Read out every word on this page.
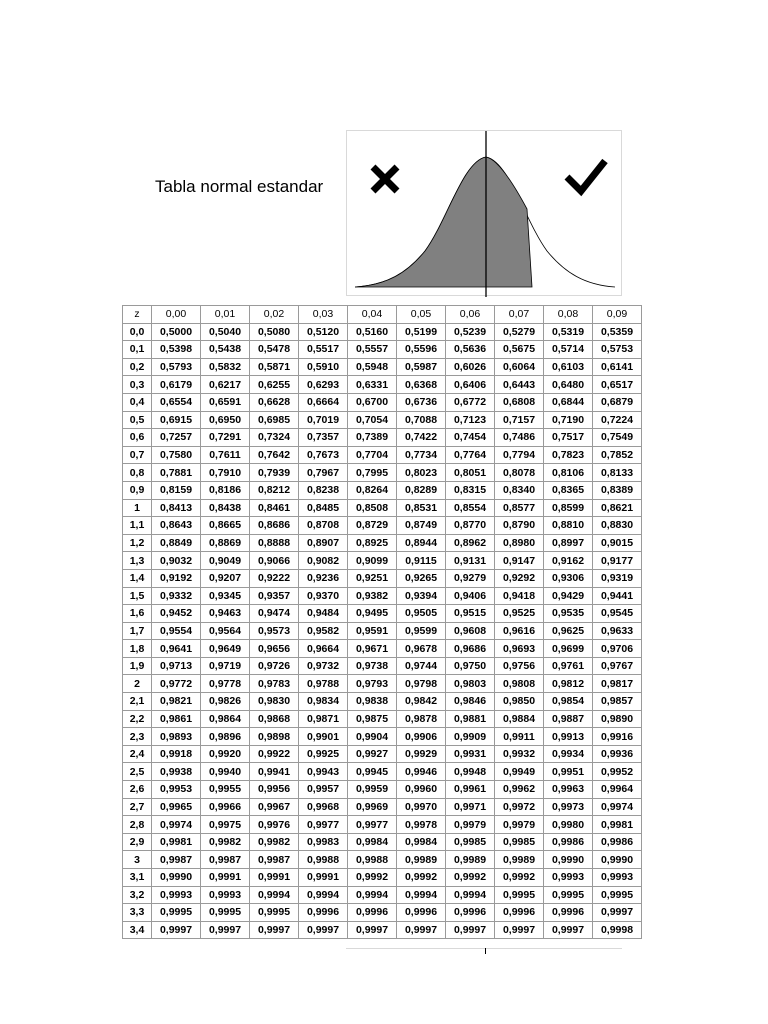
Tabla normal estandar
z	0,00	0,01	0,02	0,03	0,04	0,05	0,06	0,07	0,08	0,09
0,0	0,5000	0,5040	0,5080	0,5120	0,5160	0,5199	0,5239	0,5279	0,5319	0,5359
0,1	0,5398	0,5438	0,5478	0,5517	0,5557	0,5596	0,5636	0,5675	0,5714	0,5753
0,2	0,5793	0,5832	0,5871	0,5910	0,5948	0,5987	0,6026	0,6064	0,6103	0,6141
0,3	0,6179	0,6217	0,6255	0,6293	0,6331	0,6368	0,6406	0,6443	0,6480	0,6517
0,4	0,6554	0,6591	0,6628	0,6664	0,6700	0,6736	0,6772	0,6808	0,6844	0,6879
0,5	0,6915	0,6950	0,6985	0,7019	0,7054	0,7088	0,7123	0,7157	0,7190	0,7224
0,6	0,7257	0,7291	0,7324	0,7357	0,7389	0,7422	0,7454	0,7486	0,7517	0,7549
0,7	0,7580	0,7611	0,7642	0,7673	0,7704	0,7734	0,7764	0,7794	0,7823	0,7852
0,8	0,7881	0,7910	0,7939	0,7967	0,7995	0,8023	0,8051	0,8078	0,8106	0,8133
0,9	0,8159	0,8186	0,8212	0,8238	0,8264	0,8289	0,8315	0,8340	0,8365	0,8389
1	0,8413	0,8438	0,8461	0,8485	0,8508	0,8531	0,8554	0,8577	0,8599	0,8621
1,1	0,8643	0,8665	0,8686	0,8708	0,8729	0,8749	0,8770	0,8790	0,8810	0,8830
1,2	0,8849	0,8869	0,8888	0,8907	0,8925	0,8944	0,8962	0,8980	0,8997	0,9015
1,3	0,9032	0,9049	0,9066	0,9082	0,9099	0,9115	0,9131	0,9147	0,9162	0,9177
1,4	0,9192	0,9207	0,9222	0,9236	0,9251	0,9265	0,9279	0,9292	0,9306	0,9319
1,5	0,9332	0,9345	0,9357	0,9370	0,9382	0,9394	0,9406	0,9418	0,9429	0,9441
1,6	0,9452	0,9463	0,9474	0,9484	0,9495	0,9505	0,9515	0,9525	0,9535	0,9545
1,7	0,9554	0,9564	0,9573	0,9582	0,9591	0,9599	0,9608	0,9616	0,9625	0,9633
1,8	0,9641	0,9649	0,9656	0,9664	0,9671	0,9678	0,9686	0,9693	0,9699	0,9706
1,9	0,9713	0,9719	0,9726	0,9732	0,9738	0,9744	0,9750	0,9756	0,9761	0,9767
2	0,9772	0,9778	0,9783	0,9788	0,9793	0,9798	0,9803	0,9808	0,9812	0,9817
2,1	0,9821	0,9826	0,9830	0,9834	0,9838	0,9842	0,9846	0,9850	0,9854	0,9857
2,2	0,9861	0,9864	0,9868	0,9871	0,9875	0,9878	0,9881	0,9884	0,9887	0,9890
2,3	0,9893	0,9896	0,9898	0,9901	0,9904	0,9906	0,9909	0,9911	0,9913	0,9916
2,4	0,9918	0,9920	0,9922	0,9925	0,9927	0,9929	0,9931	0,9932	0,9934	0,9936
2,5	0,9938	0,9940	0,9941	0,9943	0,9945	0,9946	0,9948	0,9949	0,9951	0,9952
2,6	0,9953	0,9955	0,9956	0,9957	0,9959	0,9960	0,9961	0,9962	0,9963	0,9964
2,7	0,9965	0,9966	0,9967	0,9968	0,9969	0,9970	0,9971	0,9972	0,9973	0,9974
2,8	0,9974	0,9975	0,9976	0,9977	0,9977	0,9978	0,9979	0,9979	0,9980	0,9981
2,9	0,9981	0,9982	0,9982	0,9983	0,9984	0,9984	0,9985	0,9985	0,9986	0,9986
3	0,9987	0,9987	0,9987	0,9988	0,9988	0,9989	0,9989	0,9989	0,9990	0,9990
3,1	0,9990	0,9991	0,9991	0,9991	0,9992	0,9992	0,9992	0,9992	0,9993	0,9993
3,2	0,9993	0,9993	0,9994	0,9994	0,9994	0,9994	0,9994	0,9995	0,9995	0,9995
3,3	0,9995	0,9995	0,9995	0,9996	0,9996	0,9996	0,9996	0,9996	0,9996	0,9997
3,4	0,9997	0,9997	0,9997	0,9997	0,9997	0,9997	0,9997	0,9997	0,9997	0,9998
